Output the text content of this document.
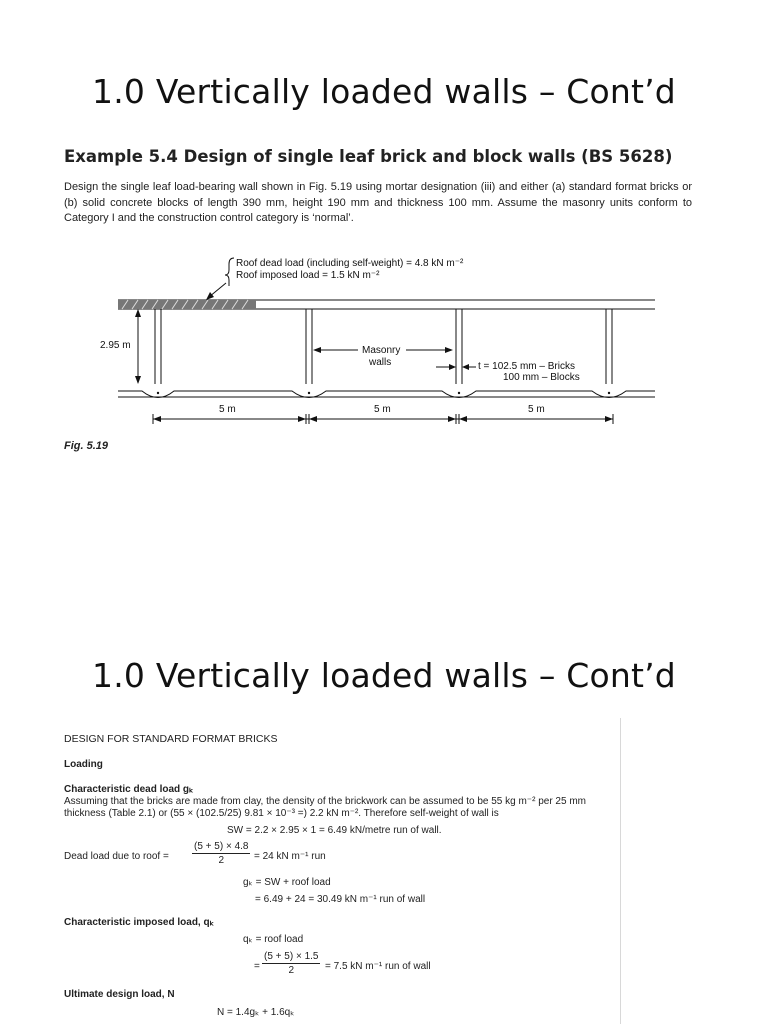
1.0 Vertically loaded walls – Cont’d
Example 5.4 Design of single leaf brick and block walls (BS 5628)
Design the single leaf load-bearing wall shown in Fig. 5.19 using mortar designation (iii) and either (a) standard format bricks or (b) solid concrete blocks of length 390 mm, height 190 mm and thickness 100 mm. Assume the masonry units conform to Category I and the construction control category is ‘normal’.
Roof dead load (including self-weight) = 4.8 kN m⁻²
Roof imposed load = 1.5 kN m⁻²
2.95 m	Masonry
walls	t = 102.5 mm – Bricks
100 mm – Blocks
5 m	5 m	5 m
Fig. 5.19
1.0 Vertically loaded walls – Cont’d
DESIGN FOR STANDARD FORMAT BRICKS
Loading
Characteristic dead load gₖ
Assuming that the bricks are made from clay, the density of the brickwork can be assumed to be 55 kg m⁻² per 25 mm
thickness (Table 2.1) or (55 × (102.5/25) 9.81 × 10⁻³ =) 2.2 kN m⁻². Therefore self-weight of wall is
SW = 2.2 × 2.95 × 1 = 6.49 kN/metre run of wall.
Dead load due to roof = $\frac{(5 + 5) \times 4.8}{2} = 24$ kN m⁻¹ run
gₖ = SW + roof load
= 6.49 + 24 = 30.49 kN m⁻¹ run of wall
Characteristic imposed load, qₖ
qₖ = roof load
= $\frac{(5 + 5) \times 1.5}{2} = 7.5$ kN m⁻¹ run of wall
Ultimate design load, N
N = 1.4gₖ + 1.6qₖ
